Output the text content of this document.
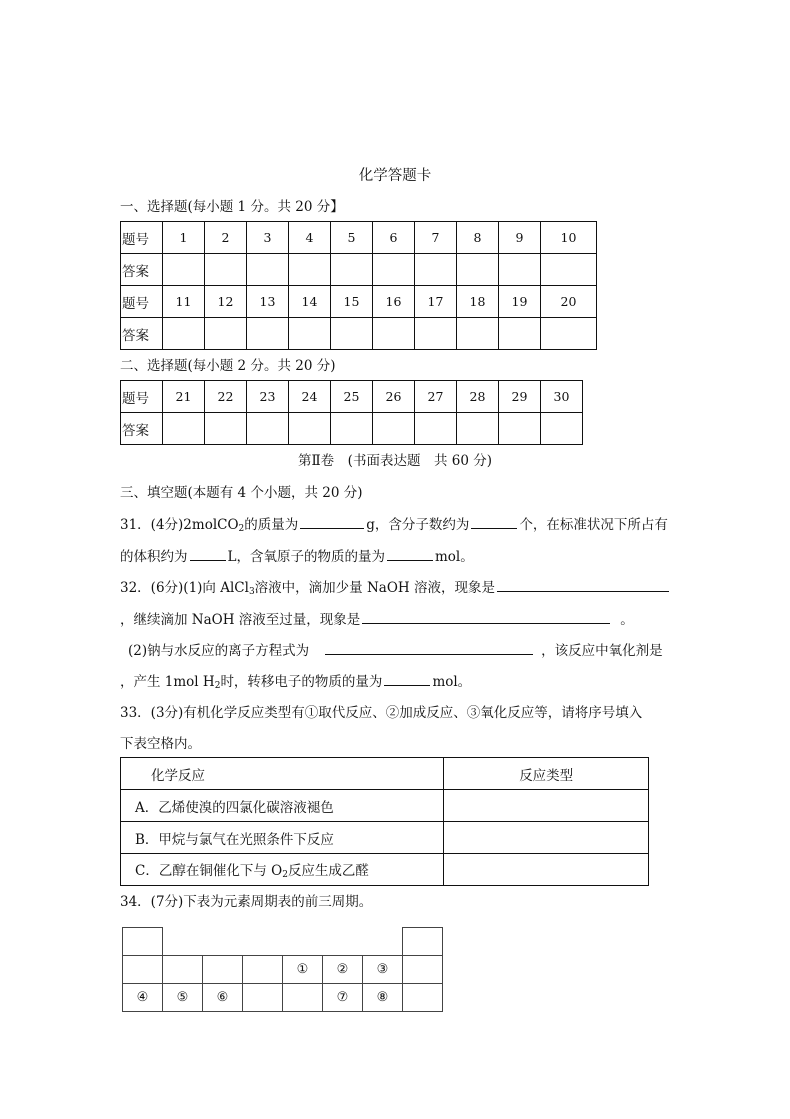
化学答题卡
一、选择题(每小题 1 分。共 20 分】
题号	1	2	3	4	5	6	7	8	9	10
答案										
题号	11	12	13	14	15	16	17	18	19	20
答案										
二、选择题(每小题 2 分。共 20 分)
题号	21	22	23	24	25	26	27	28	29	30
答案										
第Ⅱ卷　(书面表达题　共 60 分)
三、填空题(本题有 4 个小题，共 20 分)
31．(4分)2molCO$_2$的质量为	g，含分子数约为	个，在标准状况下所占有
的体积约为	L，含氧原子的物质的量为	mol。
32．(6分)(1)向 AlCl$_3$溶液中，滴加少量 NaOH 溶液，现象是
，继续滴加 NaOH 溶液至过量，现象是	。
(2)钠与水反应的离子方程式为	，该反应中氧化剂是
，产生 1mol $H_2$时，转移电子的物质的量为	mol。
33．(3分)有机化学反应类型有①取代反应、②加成反应、③氧化反应等，请将序号填入
下表空格内。
化学反应	反应类型
A．乙烯使溴的四氯化碳溶液褪色	
B．甲烷与氯气在光照条件下反应	
C．乙醇在铜催化下与 $O_2$反应生成乙醛	
34．(7分)下表为元素周期表的前三周期。

				①	②	③	
④	⑤	⑥			⑦	⑧	
